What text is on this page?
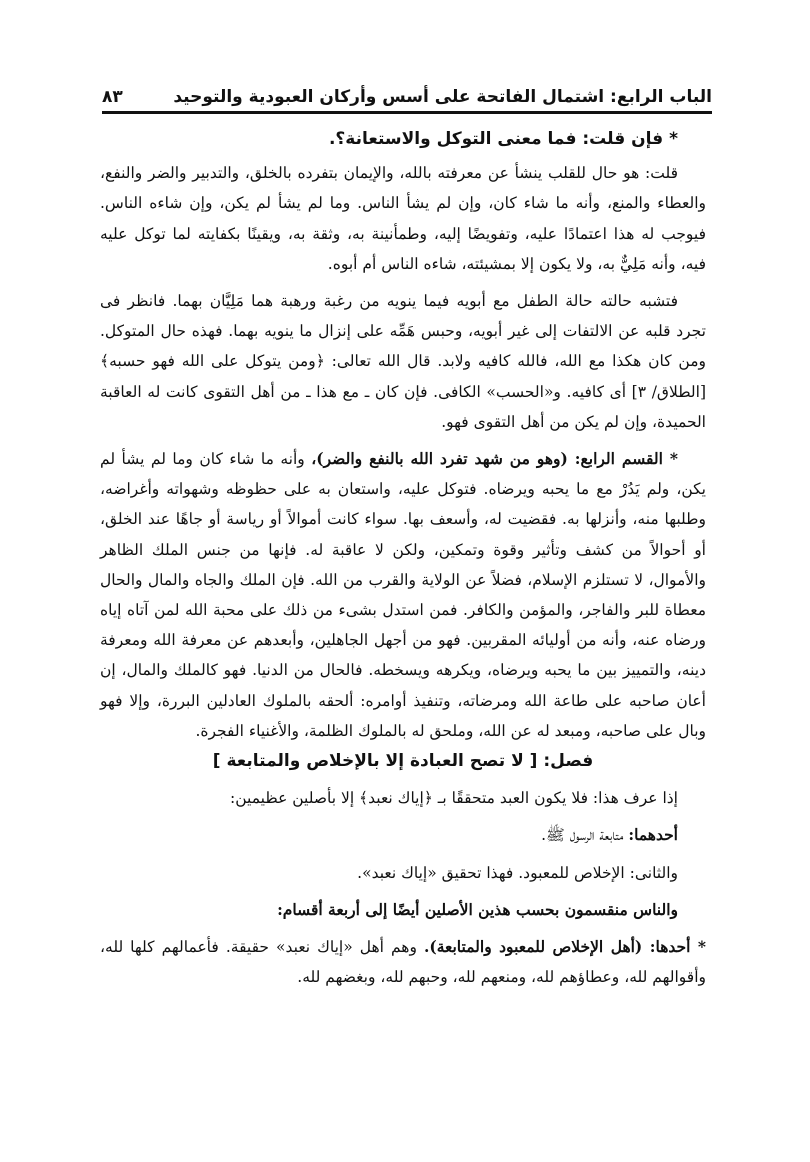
الباب الرابع: اشتمال الفاتحة على أسس وأركان العبودية والتوحيد
٨٣
* فإن قلت: فما معنى التوكل والاستعانة؟.

قلت: هو حال للقلب ينشأ عن معرفته بالله، والإيمان بتفرده بالخلق، والتدبير والضر والنفع، والعطاء والمنع، وأنه ما شاء كان، وإن لم يشأ الناس. وما لم يشأ لم يكن، وإن شاءه الناس. فيوجب له هذا اعتمادًا عليه، وتفويضًا إليه، وطمأنينة به، وثقة به، ويقينًا بكفايته لما توكل عليه فيه، وأنه مَلِيٌّ به، ولا يكون إلا بمشيئته، شاءه الناس أم أبوه.

فتشبه حالته حالة الطفل مع أبويه فيما ينويه من رغبة ورهبة هما مَلِيَّان بهما. فانظر فى تجرد قلبه عن الالتفات إلى غير أبويه، وحبس هَمِّه على إنزال ما ينويه بهما. فهذه حال المتوكل. ومن كان هكذا مع الله، فالله كافيه ولابد. قال الله تعالى: ﴿ومن يتوكل على الله فهو حسبه﴾ [الطلاق/ ٣] أى كافيه. و«الحسب» الكافى. فإن كان ـ مع هذا ـ من أهل التقوى كانت له العاقبة الحميدة، وإن لم يكن من أهل التقوى فهو.

* القسم الرابع: (وهو من شهد تفرد الله بالنفع والضر)، وأنه ما شاء كان وما لم يشأ لم يكن، ولم يَدُرْ مع ما يحبه ويرضاه. فتوكل عليه، واستعان به على حظوظه وشهواته وأغراضه، وطلبها منه، وأنزلها به. فقضيت له، وأسعف بها. سواء كانت أموالاً أو رياسة أو جاهًا عند الخلق، أو أحوالاً من كشف وتأثير وقوة وتمكين، ولكن لا عاقبة له. فإنها من جنس الملك الظاهر والأموال، لا تستلزم الإسلام، فضلاً عن الولاية والقرب من الله. فإن الملك والجاه والمال والحال معطاة للبر والفاجر، والمؤمن والكافر. فمن استدل بشىء من ذلك على محبة الله لمن آتاه إياه ورضاه عنه، وأنه من أوليائه المقربين. فهو من أجهل الجاهلين، وأبعدهم عن معرفة الله ومعرفة دينه، والتمييز بين ما يحبه ويرضاه، ويكرهه ويسخطه. فالحال من الدنيا. فهو كالملك والمال، إن أعان صاحبه على طاعة الله ومرضاته، وتنفيذ أوامره: ألحقه بالملوك العادلين البررة، وإلا فهو وبال على صاحبه، ومبعد له عن الله، وملحق له بالملوك الظلمة، والأغنياء الفجرة.

فصل: [ لا تصح العبادة إلا بالإخلاص والمتابعة ]

إذا عرف هذا: فلا يكون العبد متحققًا بـ ﴿إياك نعبد﴾ إلا بأصلين عظيمين:

أحدهما: متابعة الرسول ﷺ.

والثانى: الإخلاص للمعبود. فهذا تحقيق «إياك نعبد».

والناس منقسمون بحسب هذين الأصلين أيضًا إلى أربعة أقسام:

* أحدها: (أهل الإخلاص للمعبود والمتابعة). وهم أهل «إياك نعبد» حقيقة. فأعمالهم كلها لله، وأقوالهم لله، وعطاؤهم لله، ومنعهم لله، وحبهم لله، وبغضهم لله.
